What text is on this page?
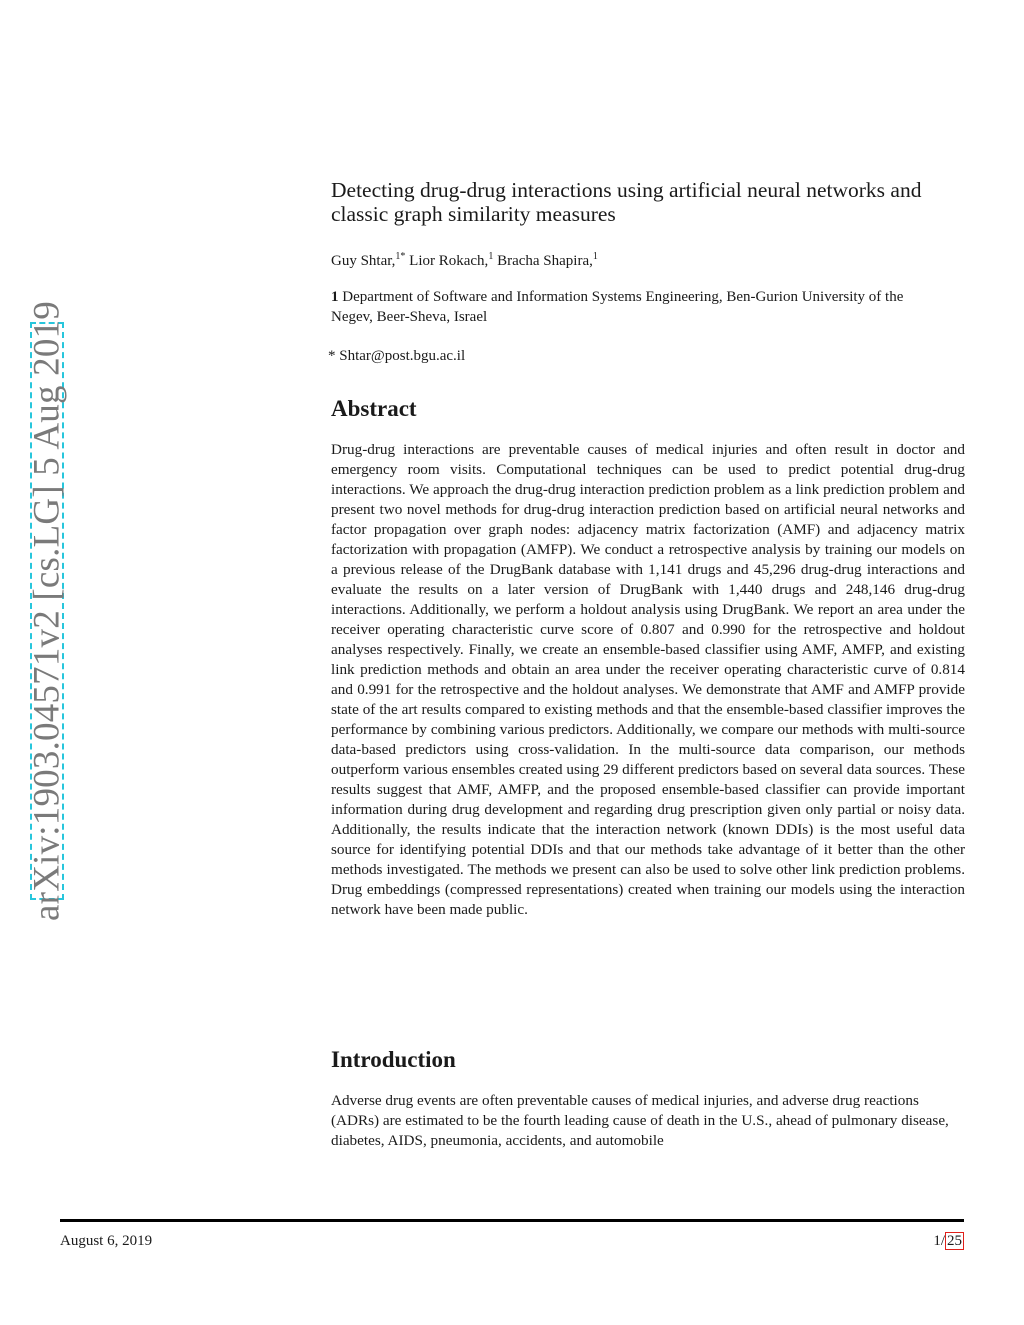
arXiv:1903.04571v2 [cs.LG] 5 Aug 2019
Detecting drug-drug interactions using artificial neural networks and classic graph similarity measures
Guy Shtar,$^{1*}$ Lior Rokach,$^1$ Bracha Shapira,$^1$
1 Department of Software and Information Systems Engineering, Ben-Gurion University of the Negev, Beer-Sheva, Israel
* Shtar@post.bgu.ac.il
Abstract

Drug-drug interactions are preventable causes of medical injuries and often result in doctor and emergency room visits. Computational techniques can be used to predict potential drug-drug interactions. We approach the drug-drug interaction prediction problem as a link prediction problem and present two novel methods for drug-drug interaction prediction based on artificial neural networks and factor propagation over graph nodes: adjacency matrix factorization (AMF) and adjacency matrix factorization with propagation (AMFP). We conduct a retrospective analysis by training our models on a previous release of the DrugBank database with 1,141 drugs and 45,296 drug-drug interactions and evaluate the results on a later version of DrugBank with 1,440 drugs and 248,146 drug-drug interactions. Additionally, we perform a holdout analysis using DrugBank. We report an area under the receiver operating characteristic curve score of 0.807 and 0.990 for the retrospective and holdout analyses respectively. Finally, we create an ensemble-based classifier using AMF, AMFP, and existing link prediction methods and obtain an area under the receiver operating characteristic curve of 0.814 and 0.991 for the retrospective and the holdout analyses. We demonstrate that AMF and AMFP provide state of the art results compared to existing methods and that the ensemble-based classifier improves the performance by combining various predictors. Additionally, we compare our methods with multi-source data-based predictors using cross-validation. In the multi-source data comparison, our methods outperform various ensembles created using 29 different predictors based on several data sources. These results suggest that AMF, AMFP, and the proposed ensemble-based classifier can provide important information during drug development and regarding drug prescription given only partial or noisy data. Additionally, the results indicate that the interaction network (known DDIs) is the most useful data source for identifying potential DDIs and that our methods take advantage of it better than the other methods investigated. The methods we present can also be used to solve other link prediction problems. Drug embeddings (compressed representations) created when training our models using the interaction network have been made public.

Introduction

Adverse drug events are often preventable causes of medical injuries, and adverse drug reactions (ADRs) are estimated to be the fourth leading cause of death in the U.S., ahead of pulmonary disease, diabetes, AIDS, pneumonia, accidents, and automobile

August 6, 2019	1/ 25
